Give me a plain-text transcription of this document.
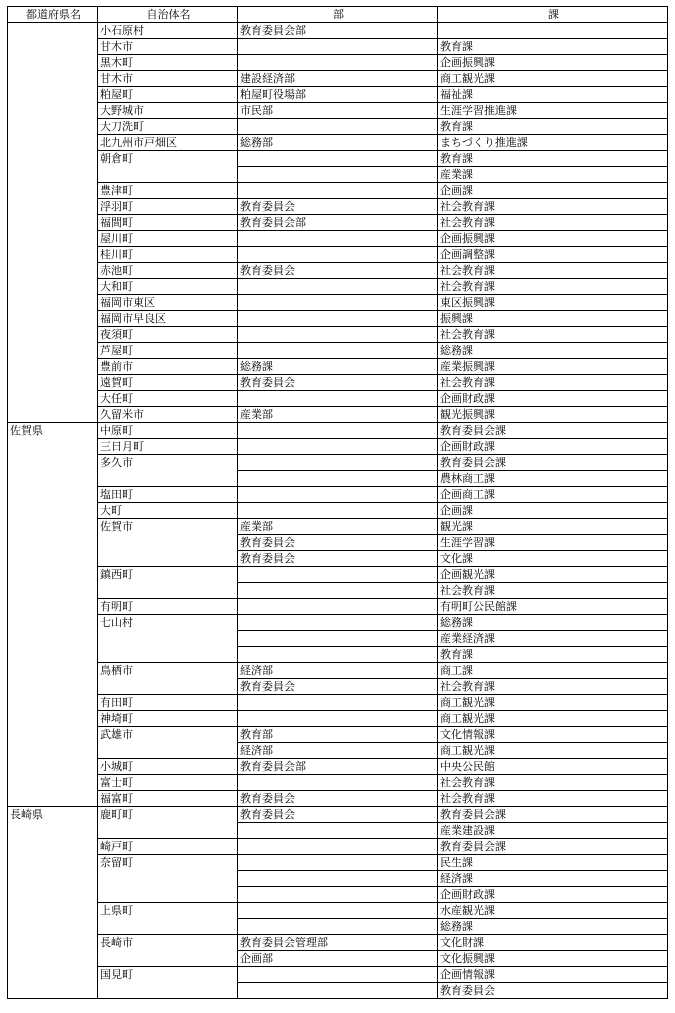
都道府県名	自治体名	部	課
	小石原村	教育委員会部	
	甘木市		教育課
	黒木町		企画振興課
	甘木市	建設経済部	商工観光課
	粕屋町	粕屋町役場部	福祉課
	大野城市	市民部	生涯学習推進課
	大刀洗町		教育課
	北九州市戸畑区	総務部	まちづくり推進課
	朝倉町		教育課
			産業課
	豊津町		企画課
	浮羽町	教育委員会	社会教育課
	福間町	教育委員会部	社会教育課
	屋川町		企画振興課
	桂川町		企画調整課
	赤池町	教育委員会	社会教育課
	大和町		社会教育課
	福岡市東区		東区振興課
	福岡市早良区		振興課
	夜須町		社会教育課
	芦屋町		総務課
	豊前市	総務課	産業振興課
	遠賀町	教育委員会	社会教育課
	大任町		企画財政課
	久留米市	産業部	観光振興課
佐賀県	中原町		教育委員会課
	三日月町		企画財政課
	多久市		教育委員会課
			農林商工課
	塩田町		企画商工課
	大町		企画課
	佐賀市	産業部	観光課
		教育委員会	生涯学習課
		教育委員会	文化課
	鎮西町		企画観光課
			社会教育課
	有明町		有明町公民館課
	七山村		総務課
			産業経済課
			教育課
	鳥栖市	経済部	商工課
		教育委員会	社会教育課
	有田町		商工観光課
	神埼町		商工観光課
	武雄市	教育部	文化情報課
		経済部	商工観光課
	小城町	教育委員会部	中央公民館
	富士町		社会教育課
	福富町	教育委員会	社会教育課
長崎県	鹿町町	教育委員会	教育委員会課
			産業建設課
	崎戸町		教育委員会課
	奈留町		民生課
			経済課
			企画財政課
	上県町		水産観光課
			総務課
	長崎市	教育委員会管理部	文化財課
		企画部	文化振興課
	国見町		企画情報課
			教育委員会
